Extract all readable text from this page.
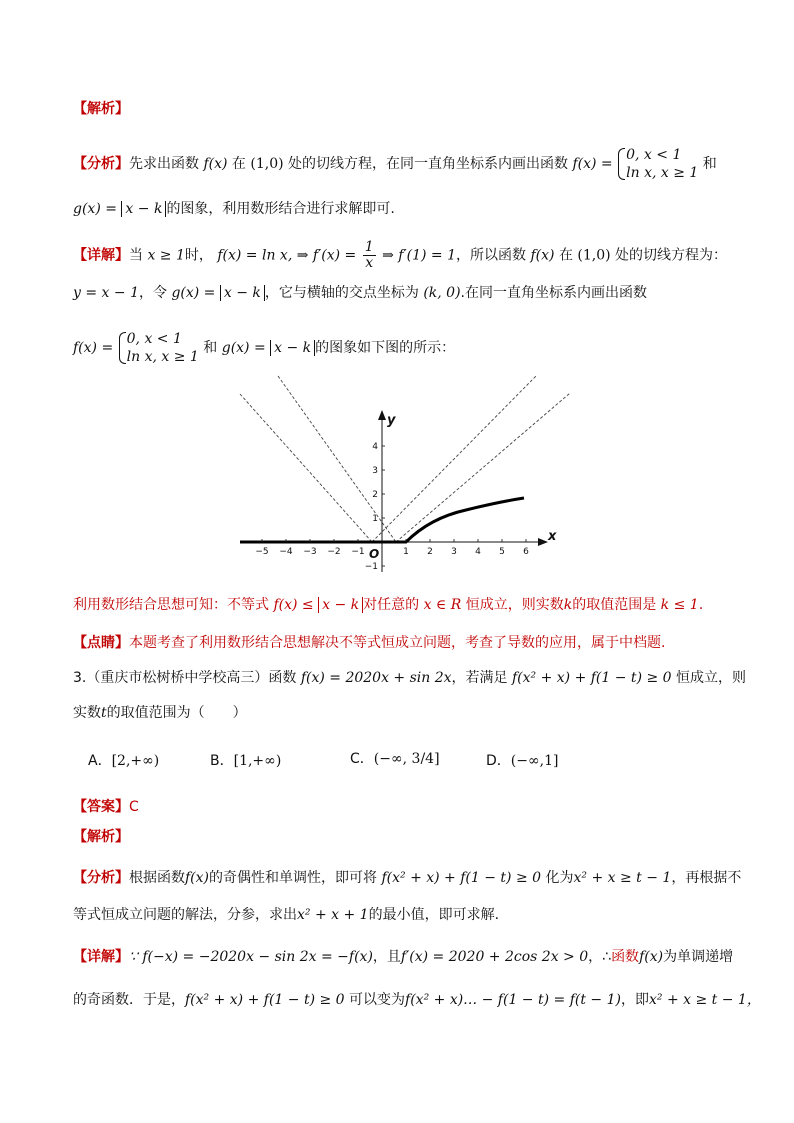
【解析】
【分析】先求出函数 f(x) 在 (1,0) 处的切线方程，在同一直角坐标系内画出函数 f(x) = 0, x < 1
ln x, x ≥ 1 和
g(x) = x − k 的图象，利用数形结合进行求解即可.
【详解】当 x ≥ 1时， f(x) = ln x, ⇒ $f'(x) = \frac{1}{x}$ ⇒ f′(1) = 1，所以函数 f(x) 在 (1,0) 处的切线方程为：
y = x − 1，令 g(x) = x − k ，它与横轴的交点坐标为 (k, 0).在同一直角坐标系内画出函数
f(x) = 0, x < 1
ln x, x ≥ 1 和 g(x) = x − k 的图象如下图的所示：
−5 −4 −3 −2 −1	1 2 3 4 5 6
4
3
2
1
−1
x
y
O
利用数形结合思想可知：不等式 f(x) ≤ x − k 对任意的 x ∈ R 恒成立，则实数k的取值范围是 k ≤ 1.
【点睛】本题考查了利用数形结合思想解决不等式恒成立问题，考查了导数的应用，属于中档题.
3.（重庆市松树桥中学校高三）函数 f(x) = 2020x + sin 2x，若满足 f(x² + x) + f(1 − t) ≥ 0 恒成立，则
实数t的取值范围为（　　）
A．[2,+∞)	B．[1,+∞)	C．(−∞, 3/4]	D．(−∞,1]
【答案】C
【解析】
【分析】根据函数f(x)的奇偶性和单调性，即可将 f(x² + x) + f(1 − t) ≥ 0 化为x² + x ≥ t − 1，再根据不
等式恒成立问题的解法，分参，求出x² + x + 1的最小值，即可求解.
【详解】∵ f(−x) = −2020x − sin 2x = −f(x)，且f′(x) = 2020 + 2cos 2x > 0，∴函数f(x)为单调递增
的奇函数．于是，f(x² + x) + f(1 − t) ≥ 0 可以变为f(x² + x)… − f(1 − t) = f(t − 1)，即x² + x ≥ t − 1，
